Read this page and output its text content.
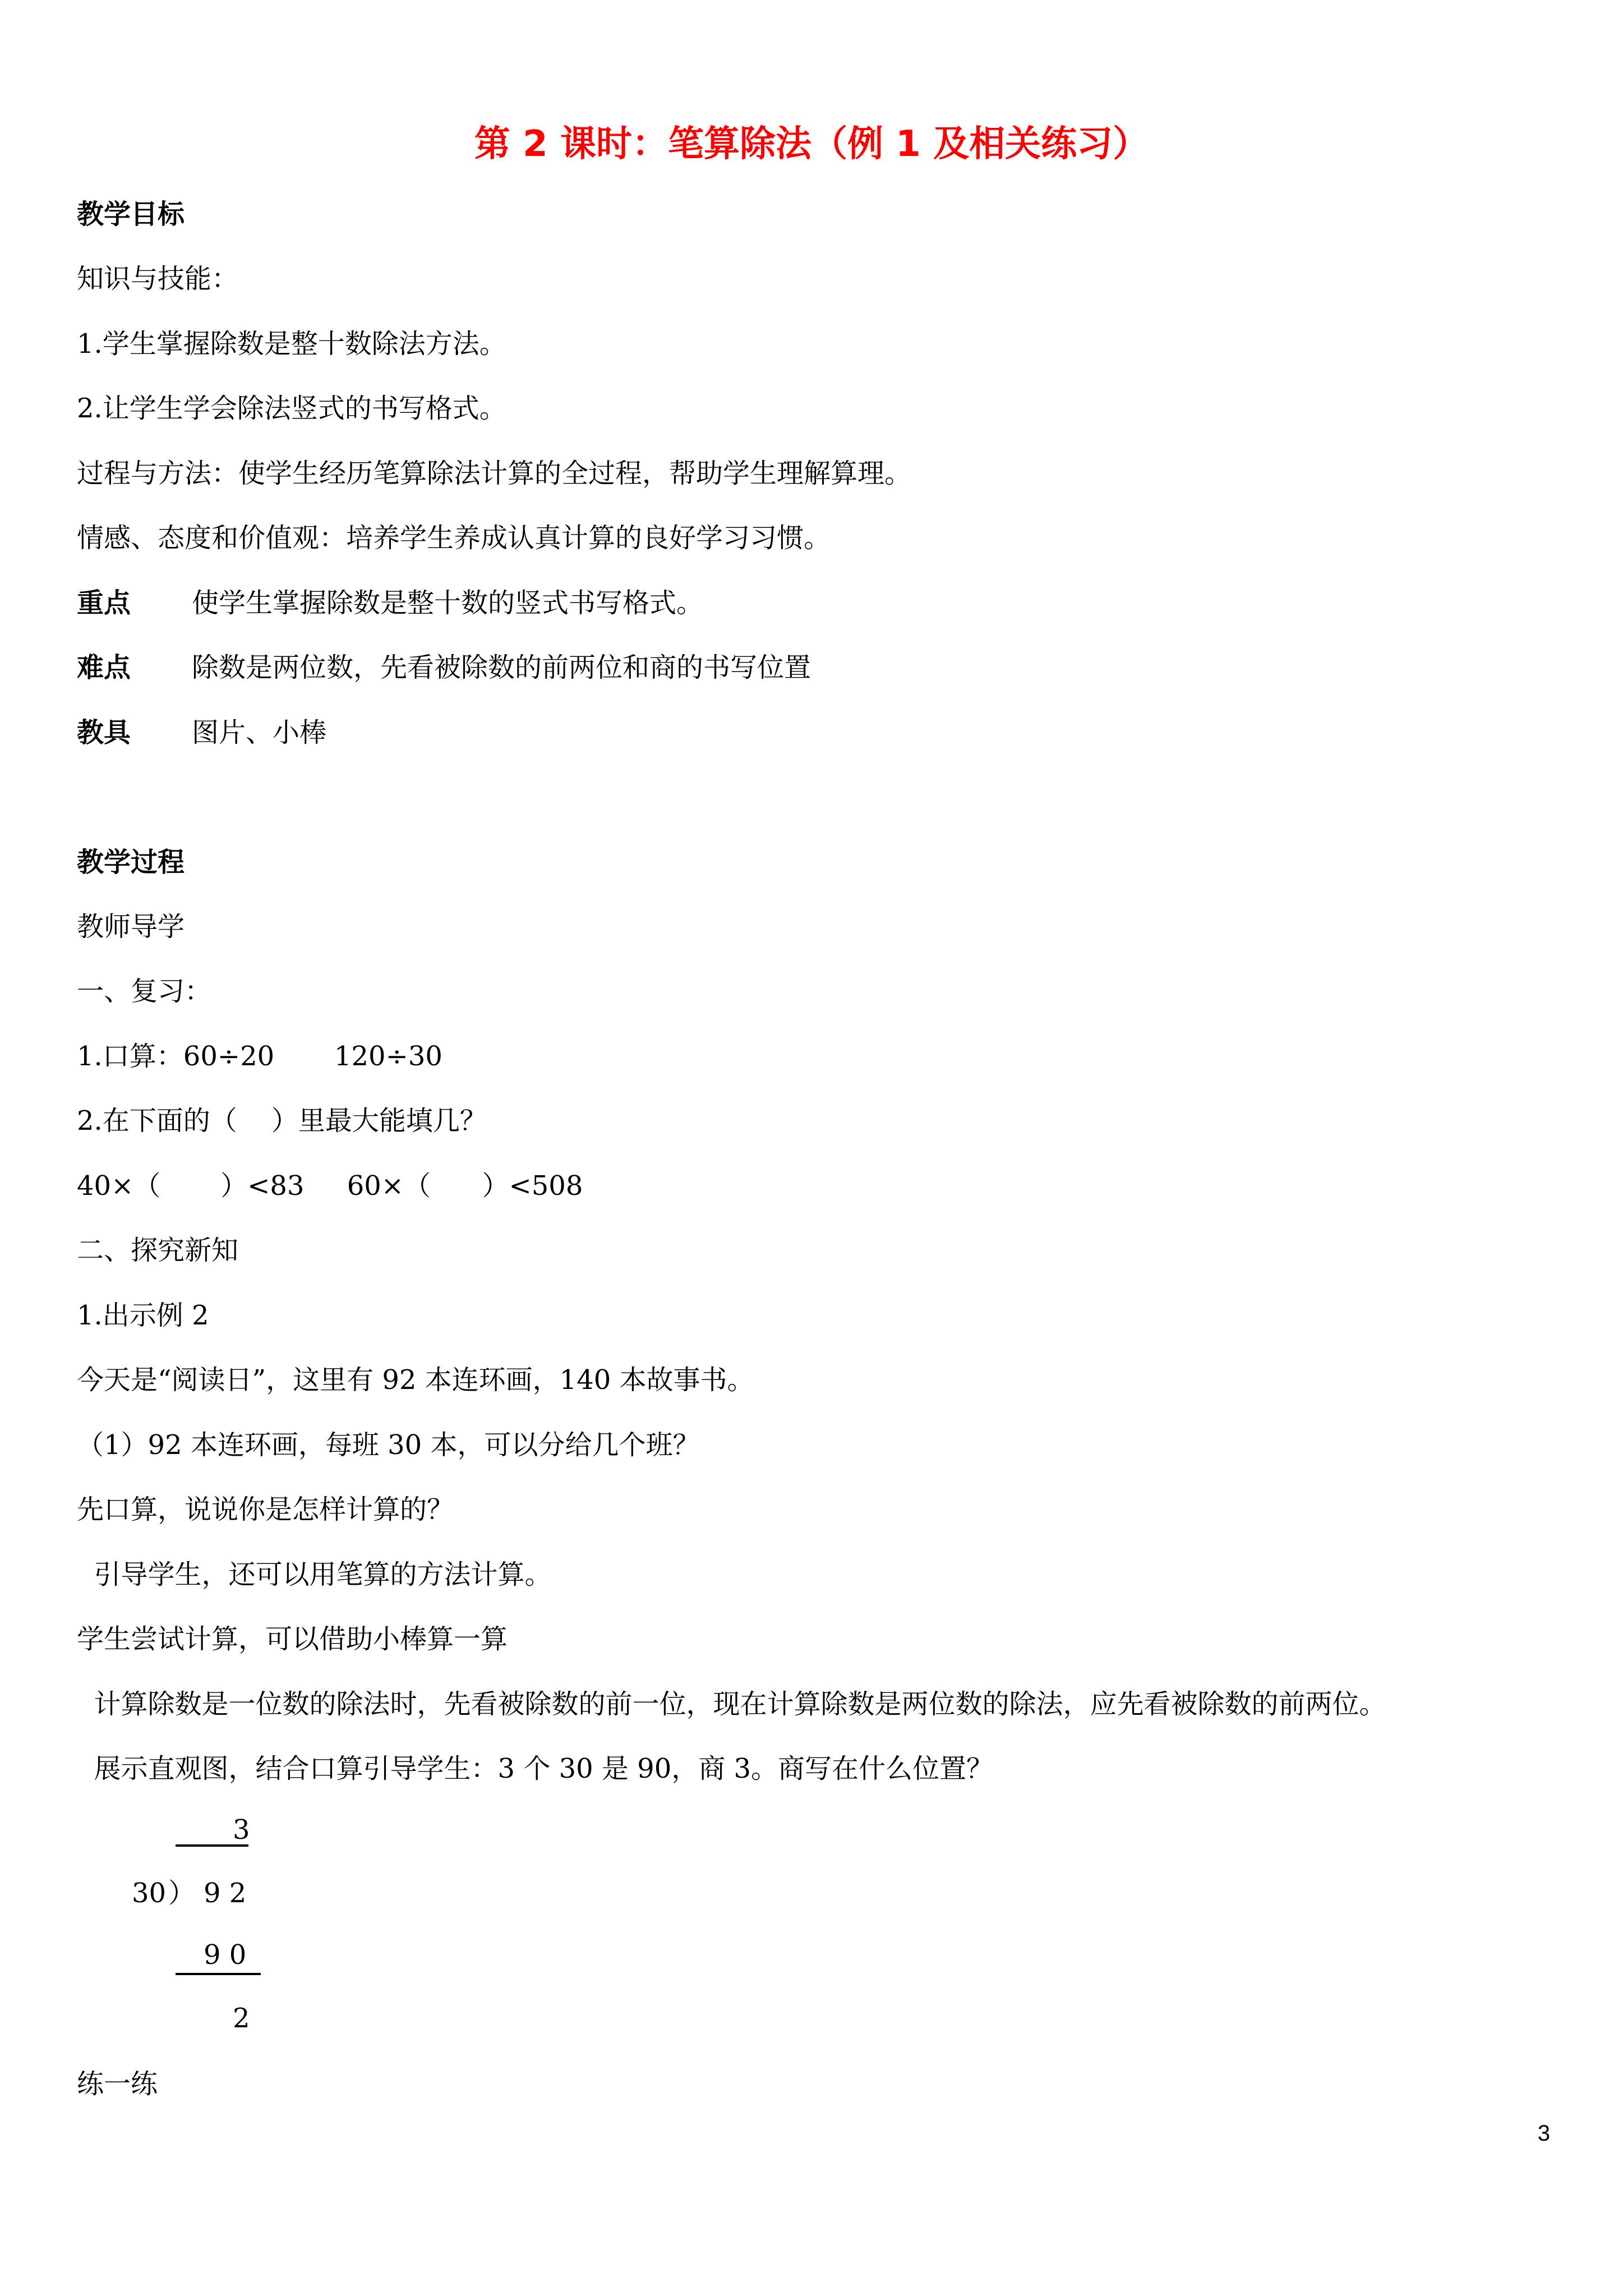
第 2 课时：笔算除法（例 1 及相关练习）
教学目标
知识与技能：
1.学生掌握除数是整十数除法方法。
2.让学生学会除法竖式的书写格式。
过程与方法：使学生经历笔算除法计算的全过程，帮助学生理解算理。
情感、态度和价值观：培养学生养成认真计算的良好学习习惯。
重点 使学生掌握除数是整十数的竖式书写格式。
难点 除数是两位数，先看被除数的前两位和商的书写位置
教具 图片、小棒
教学过程
教师导学
一、复习：
1.口算：60÷20       120÷30
2.在下面的（    ）里最大能填几？
40×（       ）<83     60×（      ）<508
二、探究新知
1.出示例 2
今天是“阅读日”，这里有 92 本连环画，140 本故事书。
（1）92 本连环画，每班 30 本，可以分给几个班？
先口算，说说你是怎样计算的？
引导学生，还可以用笔算的方法计算。
学生尝试计算，可以借助小棒算一算
计算除数是一位数的除法时，先看被除数的前一位，现在计算除数是两位数的除法，应先看被除数的前两位。
展示直观图，结合口算引导学生：3 个 30 是 90，商 3。商写在什么位置？
3
30 ） 9 2
9 0
2
练一练
3
